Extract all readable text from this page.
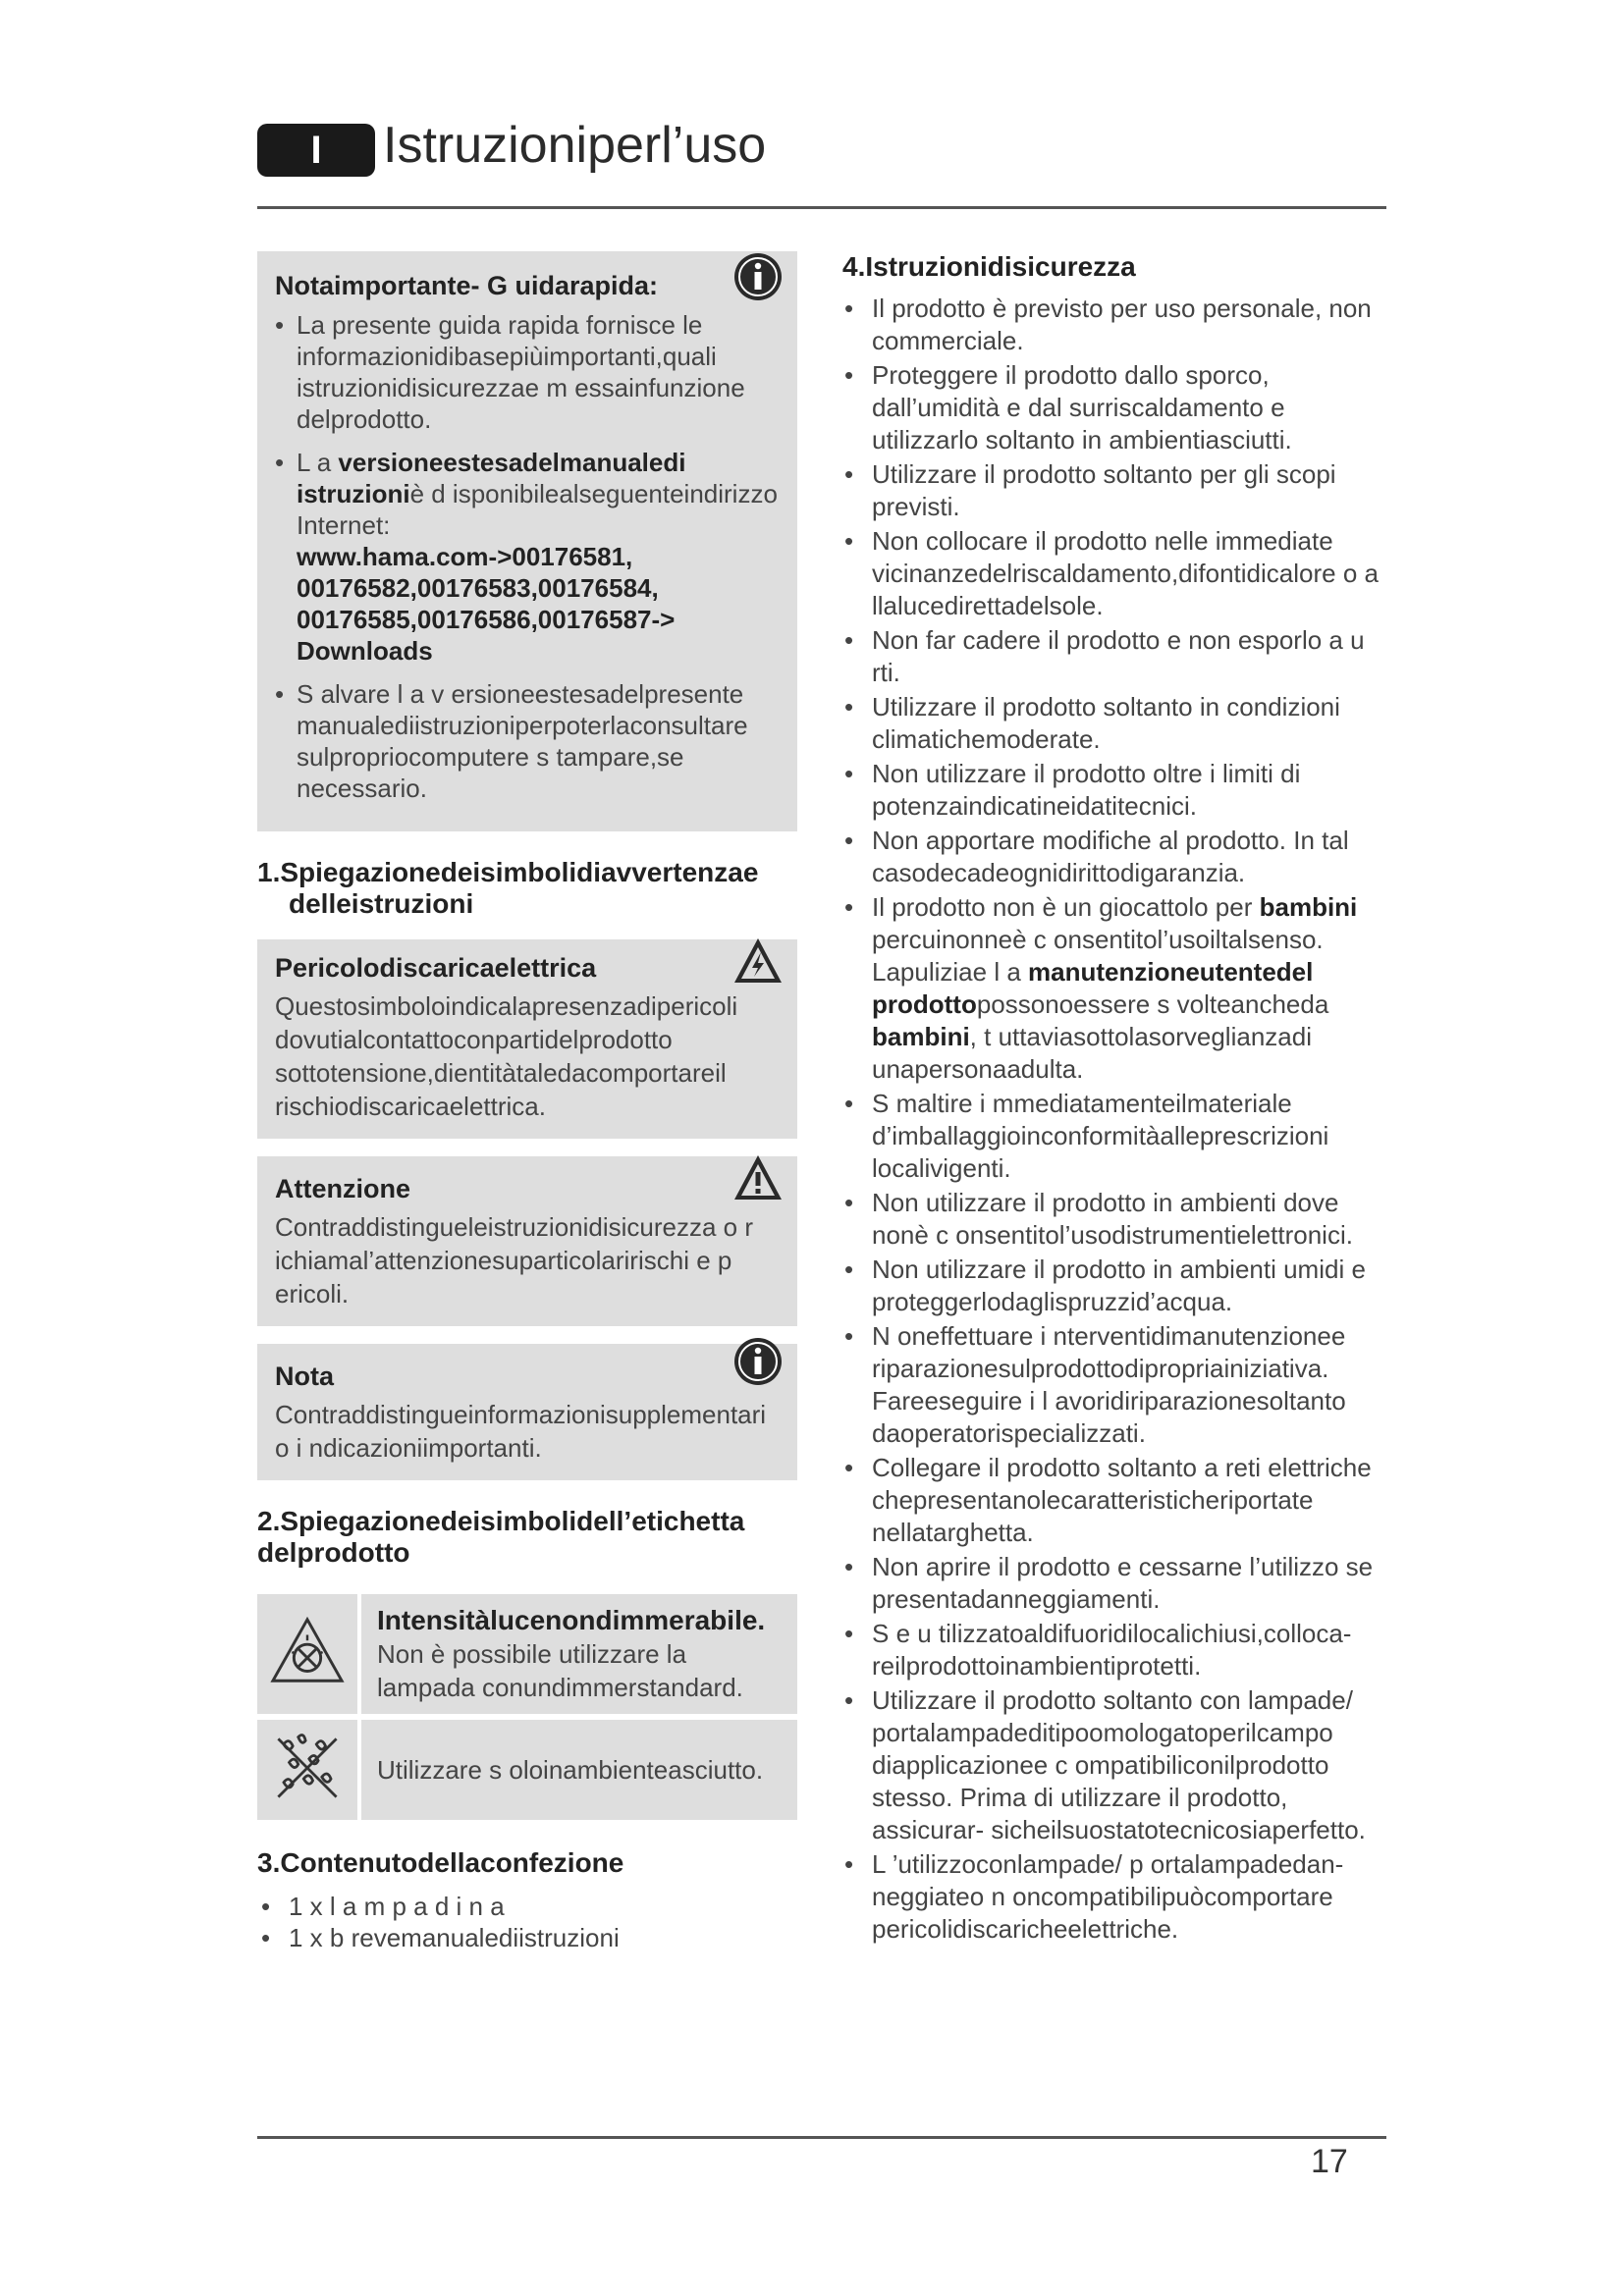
I	Istruzioniperl’uso
Notaimportante- G uidarapida:
• La presente guida rapida fornisce le informazionidibasepiùimportanti,quali istruzionidisicurezzae m essainfunzione delprodotto.
• L a versioneestesadelmanualedi istruzioniè d isponibilealseguenteindirizzo Internet:
www.hama.com->00176581, 00176582,00176583,00176584, 00176585,00176586,00176587-> Downloads
• S alvare l a v ersioneestesadelpresente manualediistruzioniperpoterlaconsultare sulpropriocomputere s tampare,se necessario.
1.Spiegazionedeisimbolidiavvertenzae
delleistruzioni
Pericolodiscaricaelettrica
Questosimboloindicalapresenzadipericoli dovutialcontattoconpartidelprodotto sottotensione,dientitàtaledacomportareil rischiodiscaricaelettrica.
Attenzione
Contraddistingueleistruzionidisicurezza o r ichiamal’attenzionesuparticolaririschi e p ericoli.
Nota
Contraddistingueinformazionisupplementari o i ndicazioniimportanti.
2.Spiegazionedeisimbolidell’etichetta
delprodotto

Intensitàlucenondimmerabile.
Non è possibile utilizzare la lampada conundimmerstandard.

Utilizzare s oloinambienteasciutto.
3.Contenutodellaconfezione
• 1 x l a m p a d i n a
• 1 x b revemanualediistruzioni
4.Istruzionidisicurezza
• Il prodotto è previsto per uso personale, non commerciale.
• Proteggere il prodotto dallo sporco, dall’umidità e dal surriscaldamento e utilizzarlo soltanto in ambientiasciutti.
• Utilizzare il prodotto soltanto per gli scopi previsti.
• Non collocare il prodotto nelle immediate vicinanzedelriscaldamento,difontidicalore o a llalucedirettadelsole.
• Non far cadere il prodotto e non esporlo a u rti.
• Utilizzare il prodotto soltanto in condizioni climatichemoderate.
• Non utilizzare il prodotto oltre i limiti di potenzaindicatineidatitecnici.
• Non apportare modifiche al prodotto. In tal casodecadeognidirittodigaranzia.
• Il prodotto non è un giocattolo per bambini percuinonneè c onsentitol’usoiltalsenso. Lapuliziae l a manutenzioneutentedel prodottopossonoessere s volteancheda bambini, t uttaviasottolasorveglianzadi unapersonaadulta.
• S maltire i mmediatamenteilmateriale d’imballaggioinconformitàalleprescrizioni localivigenti.
• Non utilizzare il prodotto in ambienti dove nonè c onsentitol’usodistrumentielettronici.
• Non utilizzare il prodotto in ambienti umidi e proteggerlodaglispruzzid’acqua.
• N oneffettuare i nterventidimanutenzionee riparazionesulprodottodipropriainiziativa. Fareeseguire i l avoridiriparazionesoltanto daoperatorispecializzati.
• Collegare il prodotto soltanto a reti elettriche chepresentanolecaratteristicheriportate nellatarghetta.
• Non aprire il prodotto e cessarne l’utilizzo se presentadanneggiamenti.
• S e u tilizzatoaldifuoridilocalichiusi,colloca- reilprodottoinambientiprotetti.
• Utilizzare il prodotto soltanto con lampade/ portalampadeditipoomologatoperilcampo diapplicazionee c ompatibiliconilprodotto stesso. Prima di utilizzare il prodotto, assicurar- sicheilsuostatotecnicosiaperfetto.
• L ’utilizzoconlampade/ p ortalampadedan- neggiateo n oncompatibilipuòcomportare pericolidiscaricheelettriche.
17
